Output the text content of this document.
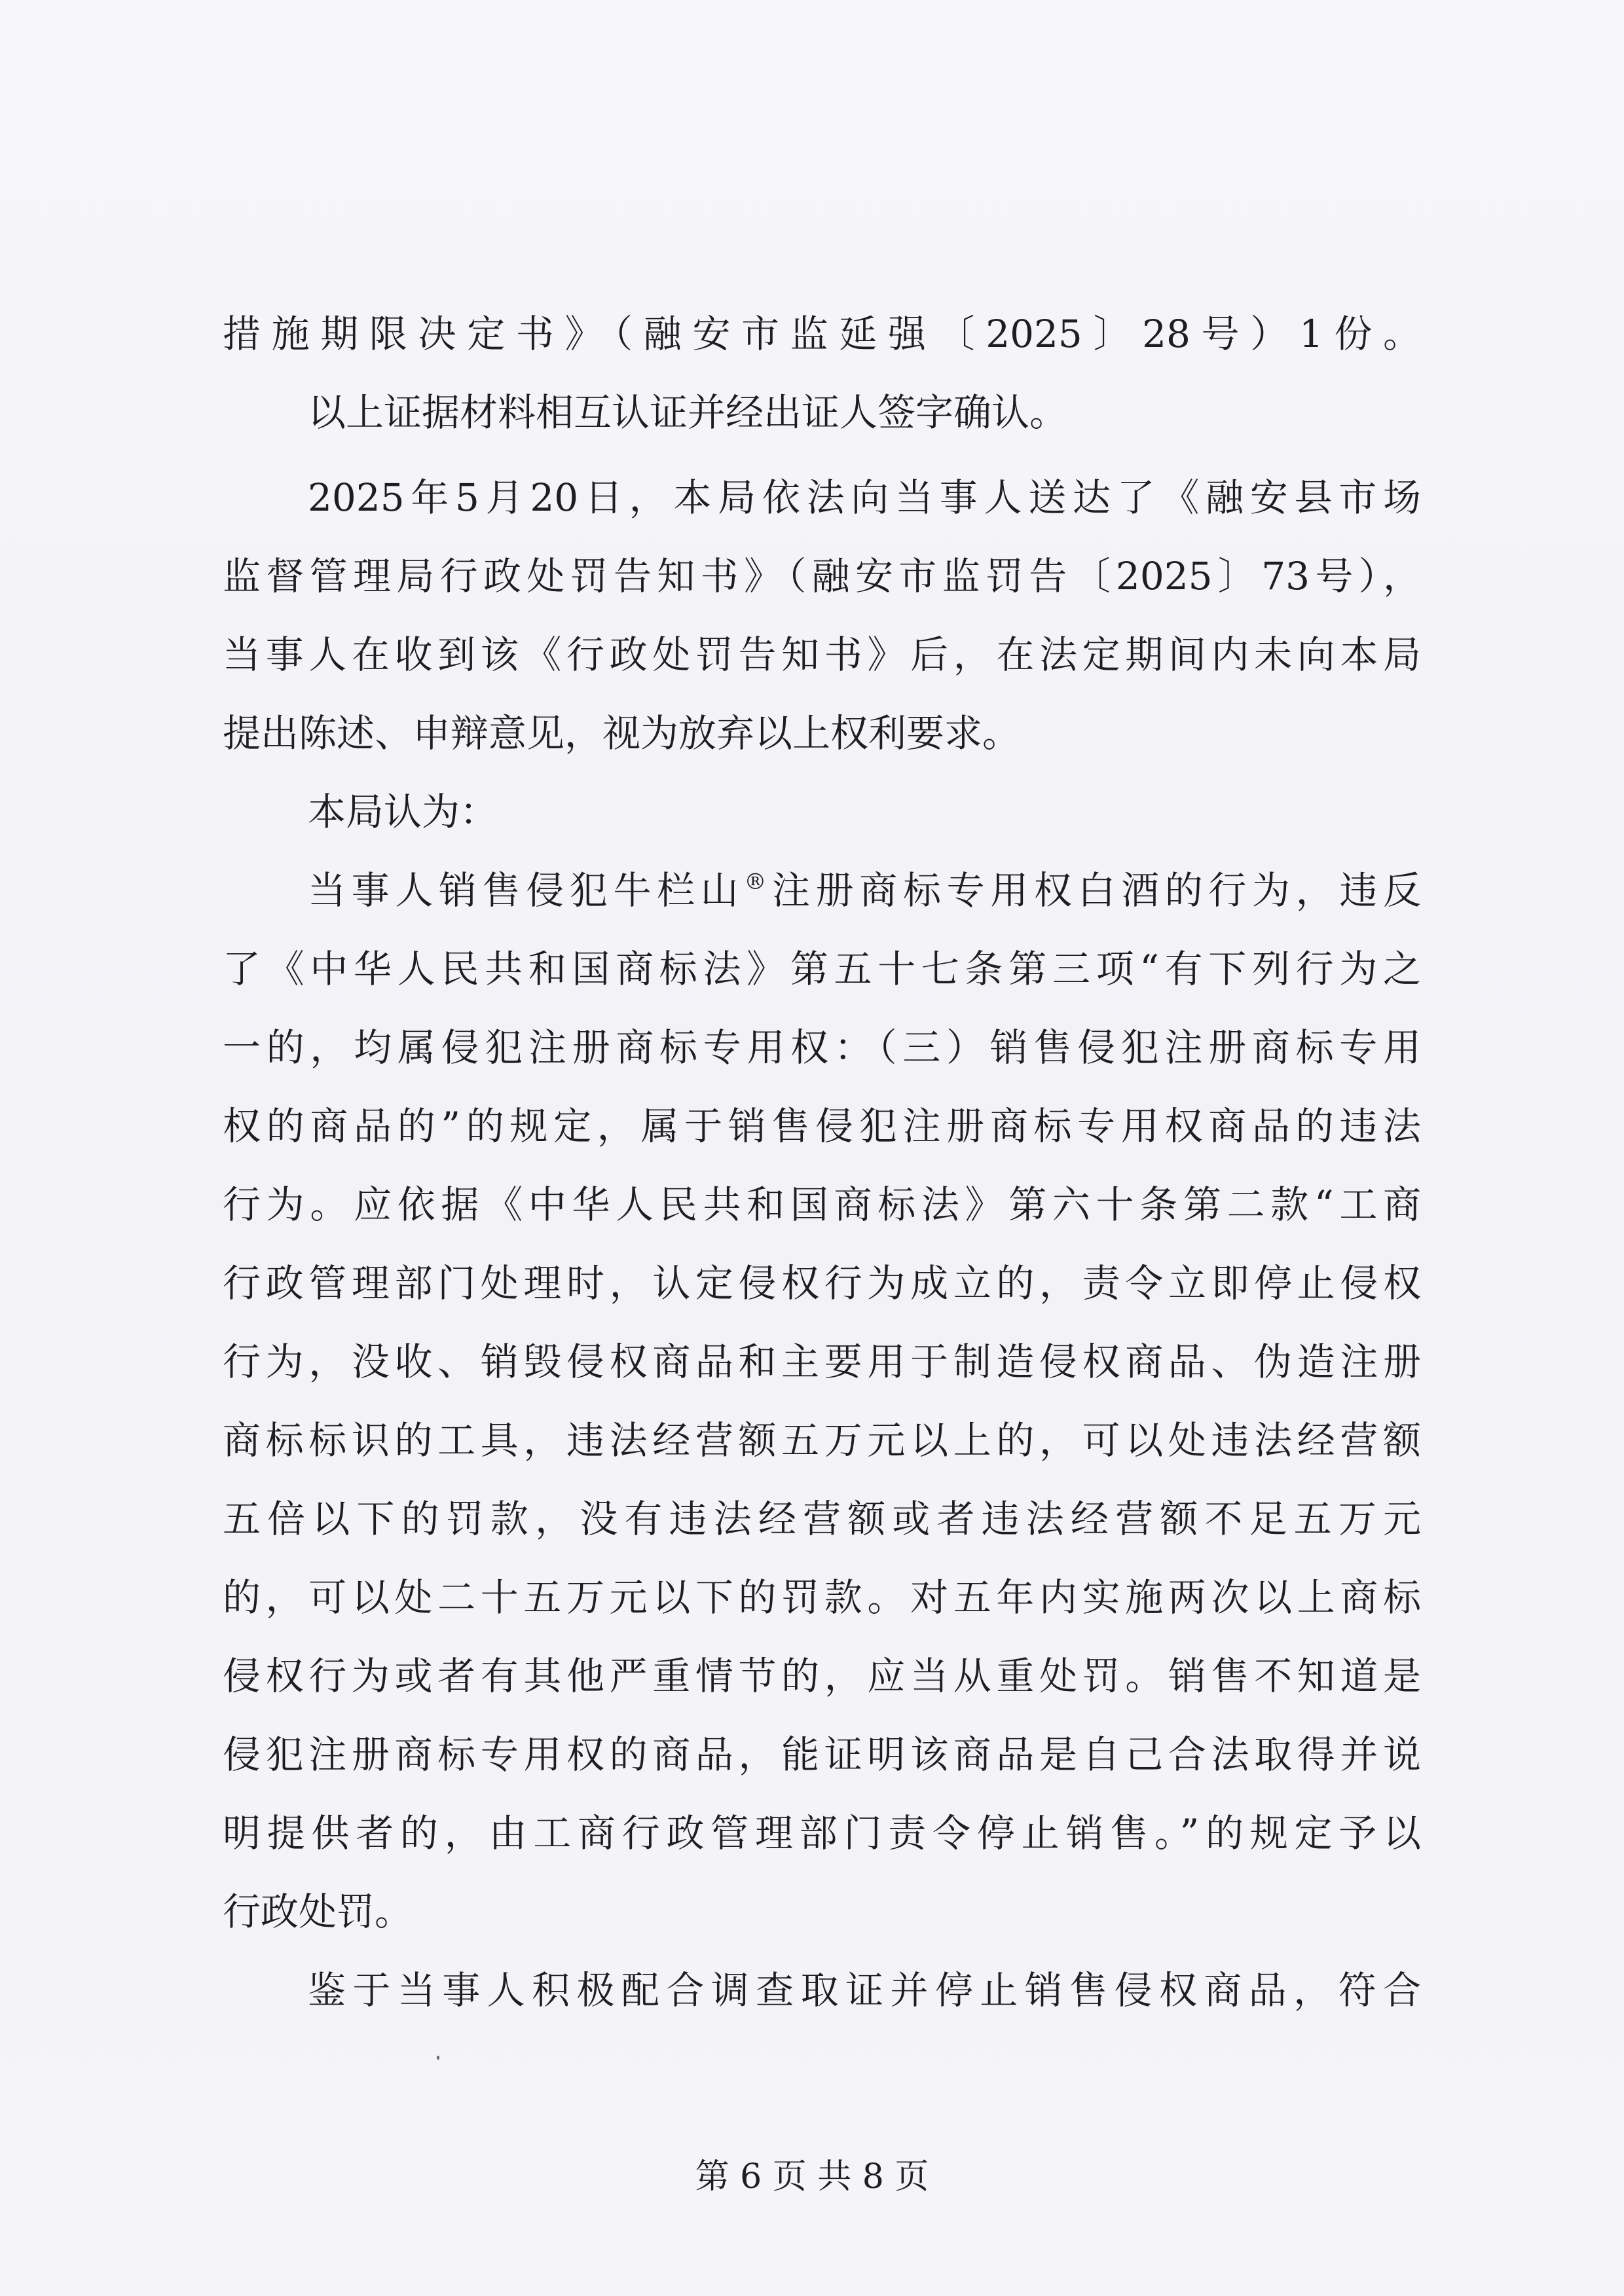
措施期限决定书》（融安市监延强〔2025〕28号）1份。
以上证据材料相互认证并经出证人签字确认。
2025年5月20日，本局依法向当事人送达了《融安县市场
监督管理局行政处罚告知书》（融安市监罚告〔2025〕73号），
当事人在收到该《行政处罚告知书》后，在法定期间内未向本局
提出陈述、申辩意见，视为放弃以上权利要求。
本局认为：
当事人销售侵犯牛栏山®注册商标专用权白酒的行为，违反
了《中华人民共和国商标法》第五十七条第三项“有下列行为之
一的，均属侵犯注册商标专用权：（三）销售侵犯注册商标专用
权的商品的”的规定，属于销售侵犯注册商标专用权商品的违法
行为。应依据《中华人民共和国商标法》第六十条第二款“工商
行政管理部门处理时，认定侵权行为成立的，责令立即停止侵权
行为，没收、销毁侵权商品和主要用于制造侵权商品、伪造注册
商标标识的工具，违法经营额五万元以上的，可以处违法经营额
五倍以下的罚款，没有违法经营额或者违法经营额不足五万元
的，可以处二十五万元以下的罚款。对五年内实施两次以上商标
侵权行为或者有其他严重情节的，应当从重处罚。销售不知道是
侵犯注册商标专用权的商品，能证明该商品是自己合法取得并说
明提供者的，由工商行政管理部门责令停止销售。”的规定予以
行政处罚。
鉴于当事人积极配合调查取证并停止销售侵权商品，符合
第 6 页 共 8 页
